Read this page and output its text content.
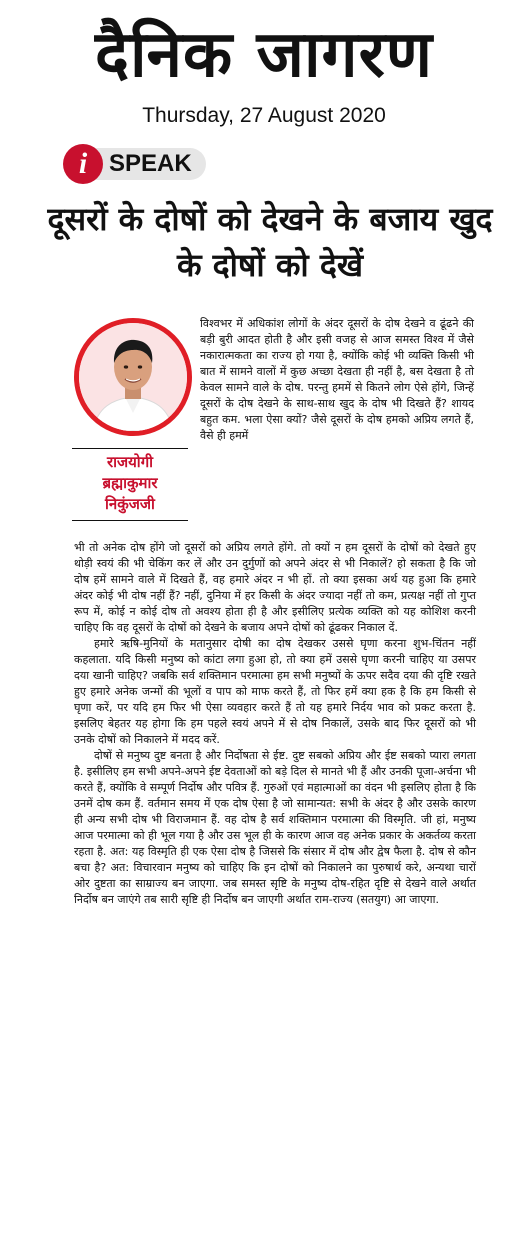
दैनिक जागरण
Thursday, 27 August 2020
i SPEAK
दूसरों के दोषों को देखने के बजाय खुद के दोषों को देखें
राजयोगी
ब्रह्माकुमार
निकुंजजी

विश्वभर में अधिकांश लोगों के अंदर दूसरों के दोष देखने व ढूंढने की बड़ी बुरी आदत होती है और इसी वजह से आज समस्त विश्व में जैसे नकारात्मकता का राज्य हो गया है, क्योंकि कोई भी व्यक्ति किसी भी बात में सामने वालों में कुछ अच्छा देखता ही नहीं है, बस देखता है तो केवल सामने वाले के दोष. परन्तु हममें से कितने लोग ऐसे होंगे, जिन्हें दूसरों के दोष देखने के साथ-साथ खुद के दोष भी दिखते हैं? शायद बहुत कम. भला ऐसा क्यों? जैसे दूसरों के दोष हमको अप्रिय लगते हैं, वैसे ही हममें

भी तो अनेक दोष होंगे जो दूसरों को अप्रिय लगते होंगे. तो क्यों न हम दूसरों के दोषों को देखते हुए थोड़ी स्वयं की भी चेकिंग कर लें और उन दुर्गुणों को अपने अंदर से भी निकालें? हो सकता है कि जो दोष हमें सामने वाले में दिखते हैं, वह हमारे अंदर न भी हों. तो क्या इसका अर्थ यह हुआ कि हमारे अंदर कोई भी दोष नहीं हैं? नहीं, दुनिया में हर किसी के अंदर ज्यादा नहीं तो कम, प्रत्यक्ष नहीं तो गुप्त रूप में, कोई न कोई दोष तो अवश्य होता ही है और इसीलिए प्रत्येक व्यक्ति को यह कोशिश करनी चाहिए कि वह दूसरों के दोषों को देखने के बजाय अपने दोषों को ढूंढकर निकाल दें.

हमारे ऋषि-मुनियों के मतानुसार दोषी का दोष देखकर उससे घृणा करना शुभ-चिंतन नहीं कहलाता. यदि किसी मनुष्य को कांटा लगा हुआ हो, तो क्या हमें उससे घृणा करनी चाहिए या उसपर दया खानी चाहिए? जबकि सर्व शक्तिमान परमात्मा हम सभी मनुष्यों के ऊपर सदैव दया की दृष्टि रखते हुए हमारे अनेक जन्मों की भूलों व पाप को माफ करते हैं, तो फिर हमें क्या हक है कि हम किसी से घृणा करें, पर यदि हम फिर भी ऐसा व्यवहार करते हैं तो यह हमारे निर्दय भाव को प्रकट करता है. इसलिए बेहतर यह होगा कि हम पहले स्वयं अपने में से दोष निकालें, उसके बाद फिर दूसरों को भी उनके दोषों को निकालने में मदद करें.

दोषों से मनुष्य दुष्ट बनता है और निर्दोषता से ईष्ट. दुष्ट सबको अप्रिय और ईष्ट सबको प्यारा लगता है. इसीलिए हम सभी अपने-अपने ईष्ट देवताओं को बड़े दिल से मानते भी हैं और उनकी पूजा-अर्चना भी करते हैं, क्योंकि वे सम्पूर्ण निर्दोष और पवित्र हैं. गुरुओं एवं महात्माओं का वंदन भी इसलिए होता है कि उनमें दोष कम हैं. वर्तमान समय में एक दोष ऐसा है जो सामान्यत: सभी के अंदर है और उसके कारण ही अन्य सभी दोष भी विराजमान हैं. वह दोष है सर्व शक्तिमान परमात्मा की विस्मृति. जी हां, मनुष्य आज परमात्मा को ही भूल गया है और उस भूल ही के कारण आज वह अनेक प्रकार के अकर्तव्य करता रहता है. अत: यह विस्मृति ही एक ऐसा दोष है जिससे कि संसार में दोष और द्वेष फैला है. दोष से कौन बचा है? अत: विचारवान मनुष्य को चाहिए कि इन दोषों को निकालने का पुरुषार्थ करे, अन्यथा चारों ओर दुष्टता का साम्राज्य बन जाएगा. जब समस्त सृष्टि के मनुष्य दोष-रहित दृष्टि से देखने वाले अर्थात निर्दोष बन जाएंगे तब सारी सृष्टि ही निर्दोष बन जाएगी अर्थात राम-राज्य (सतयुग) आ जाएगा.
